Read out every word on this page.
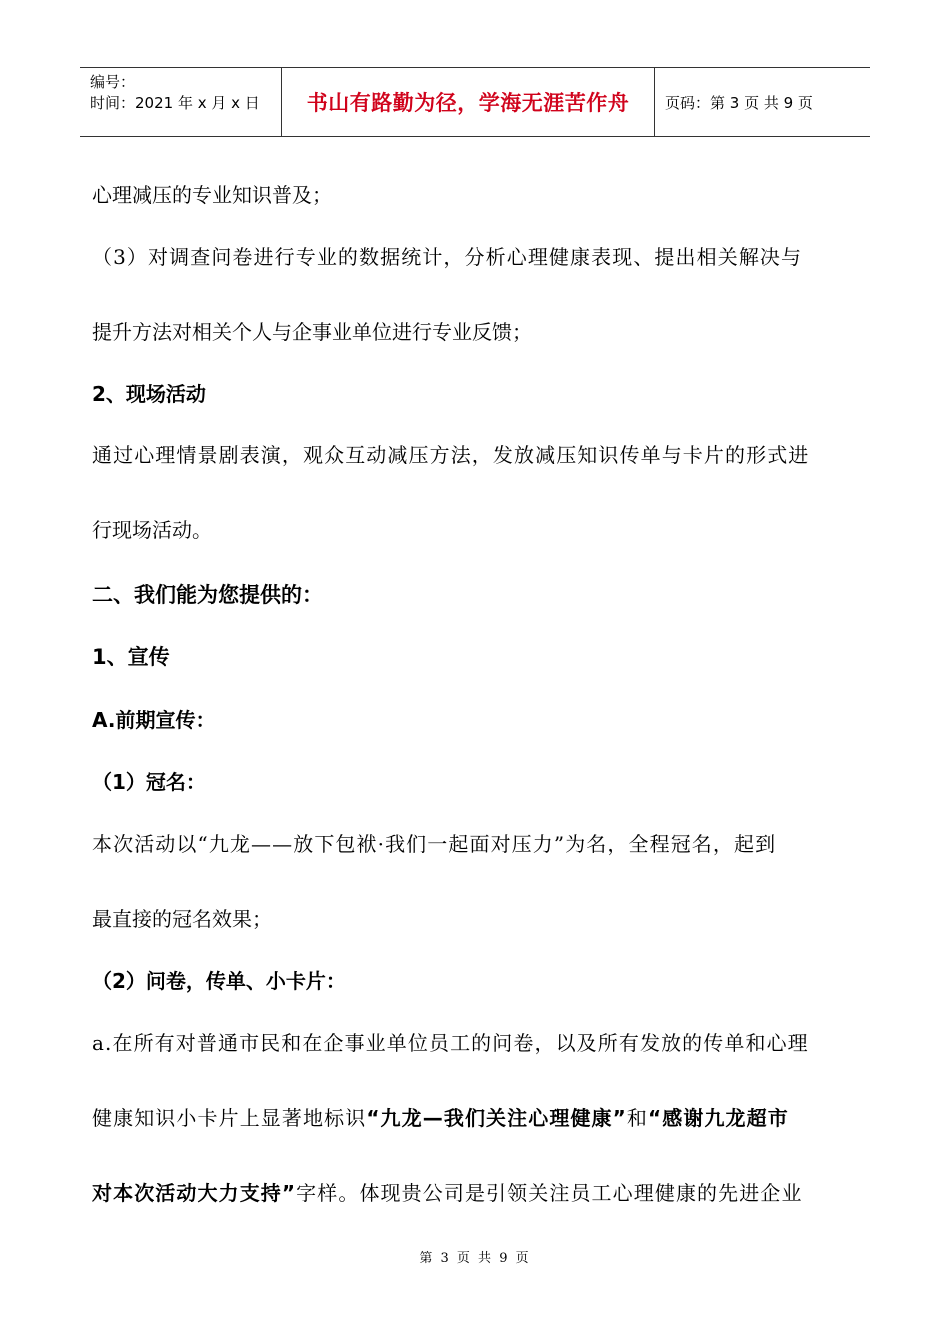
编号：
时间：2021 年 x 月 x 日	书山有路勤为径，学海无涯苦作舟	页码：第 3 页 共 9 页
心理减压的专业知识普及；
（3）对调查问卷进行专业的数据统计，分析心理健康表现、提出相关解决与
提升方法对相关个人与企事业单位进行专业反馈；
2、现场活动
通过心理情景剧表演，观众互动减压方法，发放减压知识传单与卡片的形式进
行现场活动。
二、我们能为您提供的：
1、宣传
A.前期宣传：
（1）冠名：
本次活动以“九龙——放下包袱·我们一起面对压力”为名，全程冠名，起到
最直接的冠名效果；
（2）问卷，传单、小卡片：
a.在所有对普通市民和在企事业单位员工的问卷，以及所有发放的传单和心理
健康知识小卡片上显著地标识“九龙—我们关注心理健康”和“感谢九龙超市
对本次活动大力支持”字样。体现贵公司是引领关注员工心理健康的先进企业
第 3 页 共 9 页
